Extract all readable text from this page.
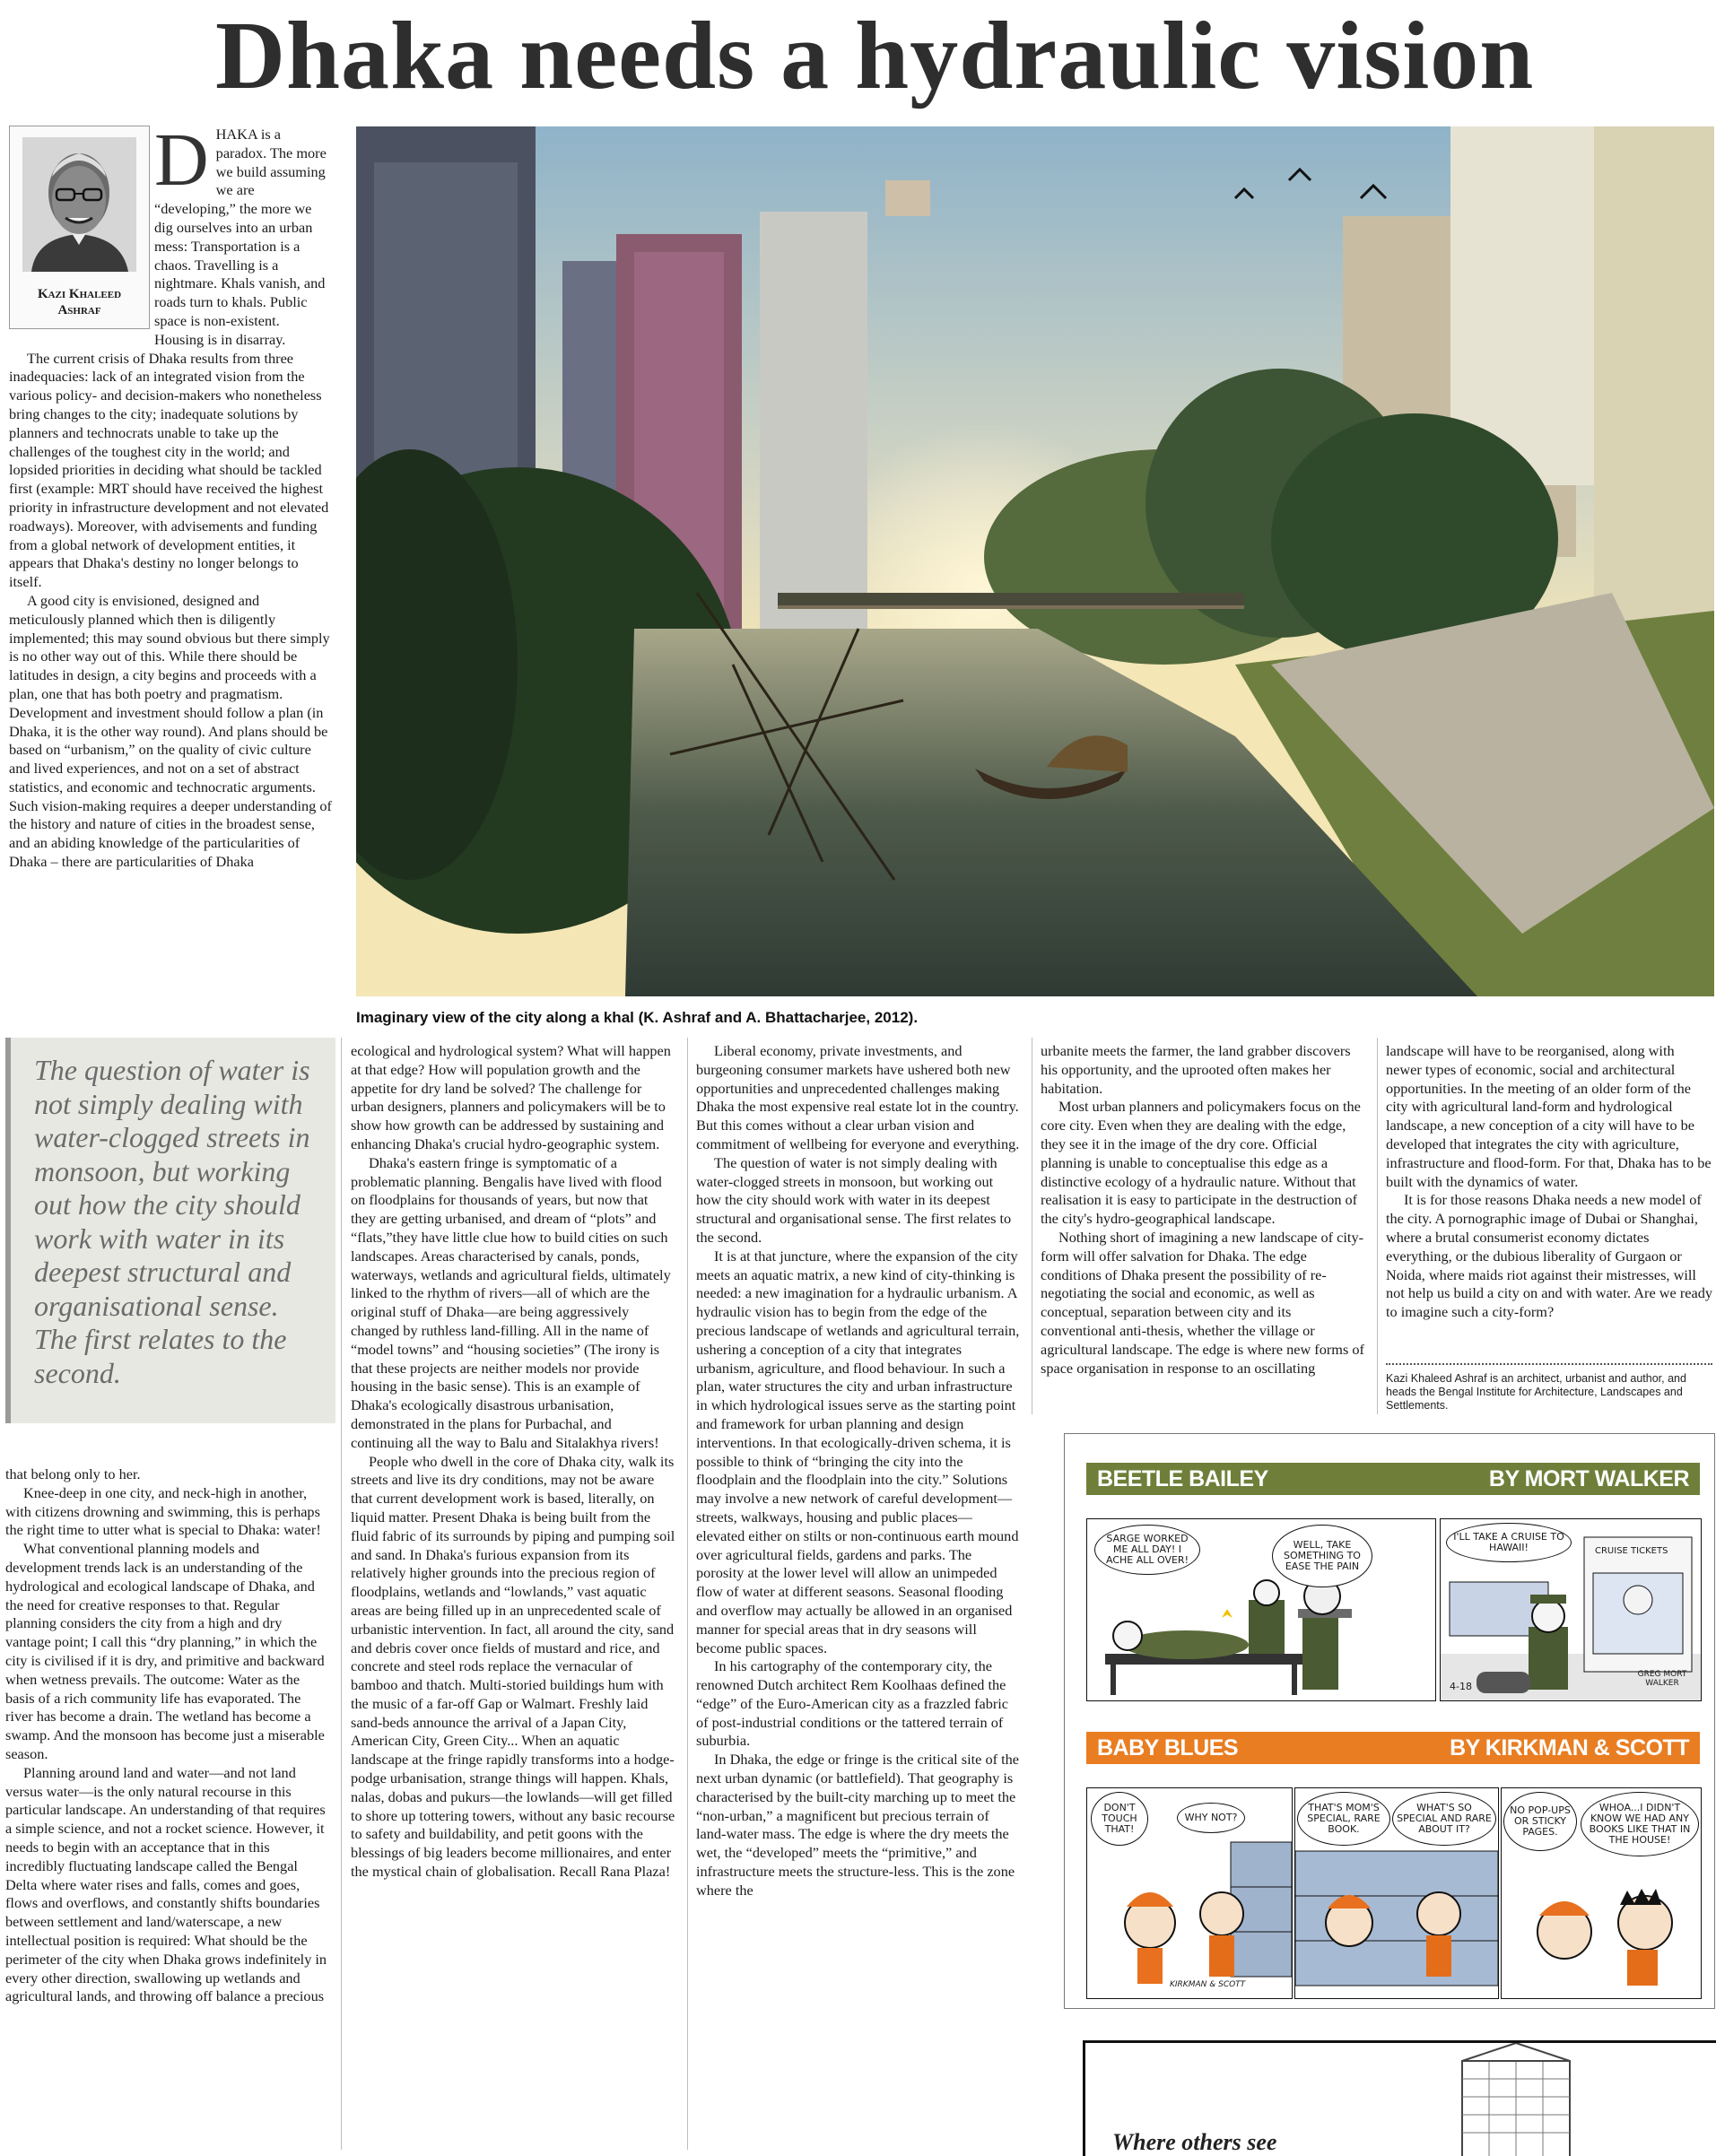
Dhaka needs a hydraulic vision
Kazi Khaleed
Ashraf
D HAKA is a paradox. The more we build assuming we are “developing,” the more we dig ourselves into an urban mess: Transportation is a chaos. Travelling is a nightmare. Khals vanish, and roads turn to khals. Public space is non-existent. Housing is in disarray.

The current crisis of Dhaka results from three inadequacies: lack of an integrated vision from the various policy- and decision-makers who nonetheless bring changes to the city; inadequate solutions by planners and technocrats unable to take up the challenges of the toughest city in the world; and lopsided priorities in deciding what should be tackled first (example: MRT should have received the highest priority in infrastructure development and not elevated roadways). Moreover, with advisements and funding from a global network of development entities, it appears that Dhaka's destiny no longer belongs to itself.

A good city is envisioned, designed and meticulously planned which then is diligently implemented; this may sound obvious but there simply is no other way out of this. While there should be latitudes in design, a city begins and proceeds with a plan, one that has both poetry and pragmatism. Development and investment should follow a plan (in Dhaka, it is the other way round). And plans should be based on “urbanism,” on the quality of civic culture and lived experiences, and not on a set of abstract statistics, and economic and technocratic arguments. Such vision-making requires a deeper understanding of the history and nature of cities in the broadest sense, and an abiding knowledge of the particularities of Dhaka – there are particularities of Dhaka

Imaginary view of the city along a khal (K. Ashraf and A. Bhattacharjee, 2012).
The question of water is not simply dealing with water-clogged streets in monsoon, but working out how the city should work with water in its deepest structural and organisational sense. The first relates to the second.

that belong only to her.

Knee-deep in one city, and neck-high in another, with citizens drowning and swimming, this is perhaps the right time to utter what is special to Dhaka: water!

What conventional planning models and development trends lack is an understanding of the hydrological and ecological landscape of Dhaka, and the need for creative responses to that. Regular planning considers the city from a high and dry vantage point; I call this “dry planning,” in which the city is civilised if it is dry, and primitive and backward when wetness prevails. The outcome: Water as the basis of a rich community life has evaporated. The river has become a drain. The wetland has become a swamp. And the monsoon has become just a miserable season.

Planning around land and water—and not land versus water—is the only natural recourse in this particular landscape. An understanding of that requires a simple science, and not a rocket science. However, it needs to begin with an acceptance that in this incredibly fluctuating landscape called the Bengal Delta where water rises and falls, comes and goes, flows and overflows, and constantly shifts boundaries between settlement and land/waterscape, a new intellectual position is required: What should be the perimeter of the city when Dhaka grows indefinitely in every other direction, swallowing up wetlands and agricultural lands, and throwing off balance a precious

ecological and hydrological system? What will happen at that edge? How will population growth and the appetite for dry land be solved? The challenge for urban designers, planners and policymakers will be to show how growth can be addressed by sustaining and enhancing Dhaka's crucial hydro-geographic system.

Dhaka's eastern fringe is symptomatic of a problematic planning. Bengalis have lived with flood on floodplains for thousands of years, but now that they are getting urbanised, and dream of “plots” and “flats,”they have little clue how to build cities on such landscapes. Areas characterised by canals, ponds, waterways, wetlands and agricultural fields, ultimately linked to the rhythm of rivers—all of which are the original stuff of Dhaka—are being aggressively changed by ruthless land-filling. All in the name of “model towns” and “housing societies” (The irony is that these projects are neither models nor provide housing in the basic sense). This is an example of Dhaka's ecologically disastrous urbanisation, demonstrated in the plans for Purbachal, and continuing all the way to Balu and Sitalakhya rivers!

People who dwell in the core of Dhaka city, walk its streets and live its dry conditions, may not be aware that current development work is based, literally, on liquid matter. Present Dhaka is being built from the fluid fabric of its surrounds by piping and pumping soil and sand. In Dhaka's furious expansion from its relatively higher grounds into the precious region of floodplains, wetlands and “lowlands,” vast aquatic areas are being filled up in an unprecedented scale of urbanistic intervention. In fact, all around the city, sand and debris cover once fields of mustard and rice, and concrete and steel rods replace the vernacular of bamboo and thatch. Multi-storied buildings hum with the music of a far-off Gap or Walmart. Freshly laid sand-beds announce the arrival of a Japan City, American City, Green City... When an aquatic landscape at the fringe rapidly transforms into a hodge-podge urbanisation, strange things will happen. Khals, nalas, dobas and pukurs—the lowlands—will get filled to shore up tottering towers, without any basic recourse to safety and buildability, and petit goons with the blessings of big leaders become millionaires, and enter the mystical chain of globalisation. Recall Rana Plaza!

Liberal economy, private investments, and burgeoning consumer markets have ushered both new opportunities and unprecedented challenges making Dhaka the most expensive real estate lot in the country. But this comes without a clear urban vision and commitment of wellbeing for everyone and everything.

The question of water is not simply dealing with water-clogged streets in monsoon, but working out how the city should work with water in its deepest structural and organisational sense. The first relates to the second.

It is at that juncture, where the expansion of the city meets an aquatic matrix, a new kind of city-thinking is needed: a new imagination for a hydraulic urbanism. A hydraulic vision has to begin from the edge of the precious landscape of wetlands and agricultural terrain, ushering a conception of a city that integrates urbanism, agriculture, and flood behaviour. In such a plan, water structures the city and urban infrastructure in which hydrological issues serve as the starting point and framework for urban planning and design interventions. In that ecologically-driven schema, it is possible to think of “bringing the city into the floodplain and the floodplain into the city.” Solutions may involve a new network of careful development—streets, walkways, housing and public places—elevated either on stilts or non-continuous earth mound over agricultural fields, gardens and parks. The porosity at the lower level will allow an unimpeded flow of water at different seasons. Seasonal flooding and overflow may actually be allowed in an organised manner for special areas that in dry seasons will become public spaces.

In his cartography of the contemporary city, the renowned Dutch architect Rem Koolhaas defined the “edge” of the Euro-American city as a frazzled fabric of post-industrial conditions or the tattered terrain of suburbia.

In Dhaka, the edge or fringe is the critical site of the next urban dynamic (or battlefield). That geography is characterised by the built-city marching up to meet the “non-urban,” a magnificent but precious terrain of land-water mass. The edge is where the dry meets the wet, the “developed” meets the “primitive,” and infrastructure meets the structure-less. This is the zone where the

urbanite meets the farmer, the land grabber discovers his opportunity, and the uprooted often makes her habitation.

Most urban planners and policymakers focus on the core city. Even when they are dealing with the edge, they see it in the image of the dry core. Official planning is unable to conceptualise this edge as a distinctive ecology of a hydraulic nature. Without that realisation it is easy to participate in the destruction of the city's hydro-geographical landscape.

Nothing short of imagining a new landscape of city-form will offer salvation for Dhaka. The edge conditions of Dhaka present the possibility of re-negotiating the social and economic, as well as conceptual, separation between city and its conventional anti-thesis, whether the village or agricultural landscape. The edge is where new forms of space organisation in response to an oscillating

landscape will have to be reorganised, along with newer types of economic, social and architectural opportunities. In the meeting of an older form of the city with agricultural land-form and hydrological landscape, a new conception of a city will have to be developed that integrates the city with agriculture, infrastructure and flood-form. For that, Dhaka has to be built with the dynamics of water.

It is for those reasons Dhaka needs a new model of the city. A pornographic image of Dubai or Shanghai, where a brutal consumerist economy dictates everything, or the dubious liberality of Gurgaon or Noida, where maids riot against their mistresses, will not help us build a city on and with water. Are we ready to imagine such a city-form?

Kazi Khaleed Ashraf is an architect, urbanist and author, and heads the Bengal Institute for Architecture, Landscapes and Settlements.
BEETLE BAILEY	BY MORT WALKER
SARGE WORKED ME ALL DAY! I ACHE ALL OVER!
WELL, TAKE SOMETHING TO EASE THE PAIN
I'LL TAKE A CRUISE TO HAWAII!	CRUISE TICKETS
4-18
GREG MORT WALKER
BABY BLUES	BY KIRKMAN & SCOTT
DON'T TOUCH THAT!
WHY NOT?
KIRKMAN & SCOTT
THAT'S MOM'S SPECIAL, RARE BOOK.
WHAT'S SO SPECIAL AND RARE ABOUT IT?
NO POP-UPS OR STICKY PAGES.
WHOA...I DIDN'T KNOW WE HAD ANY BOOKS LIKE THAT IN THE HOUSE!
Where others see
